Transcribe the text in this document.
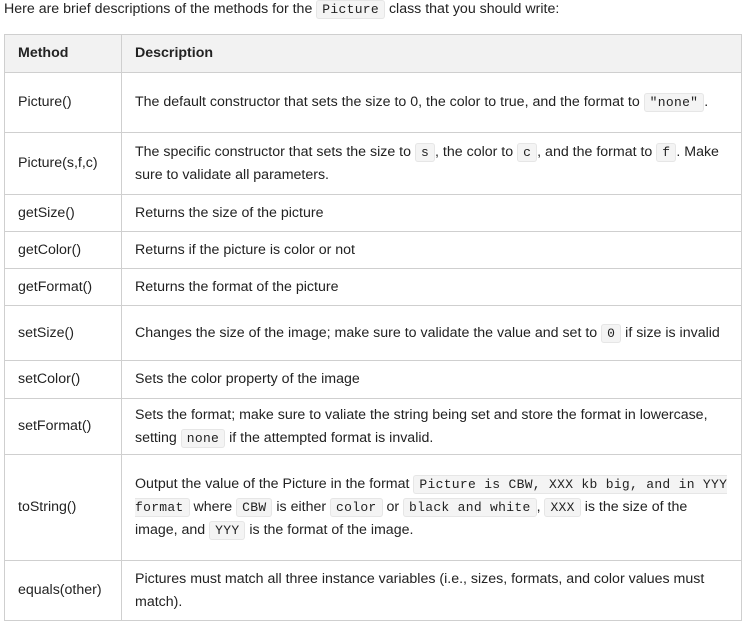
Here are brief descriptions of the methods for the Picture class that you should write:
Method	Description
Picture()	The default constructor that sets the size to 0, the color to true, and the format to "none" .
Picture(s,f,c)	The specific constructor that sets the size to s , the color to c , and the format to f . Make sure to validate all parameters.
getSize()	Returns the size of the picture
getColor()	Returns if the picture is color or not
getFormat()	Returns the format of the picture
setSize()	Changes the size of the image; make sure to validate the value and set to 0 if size is invalid
setColor()	Sets the color property of the image
setFormat()	Sets the format; make sure to valiate the string being set and store the format in lowercase, setting none if the attempted format is invalid.
toString()	Output the value of the Picture in the format Picture is CBW, XXX kb big, and in YYY format where CBW is either color or black and white , XXX is the size of the image, and YYY is the format of the image.
equals(other)	Pictures must match all three instance variables (i.e., sizes, formats, and color values must match).
